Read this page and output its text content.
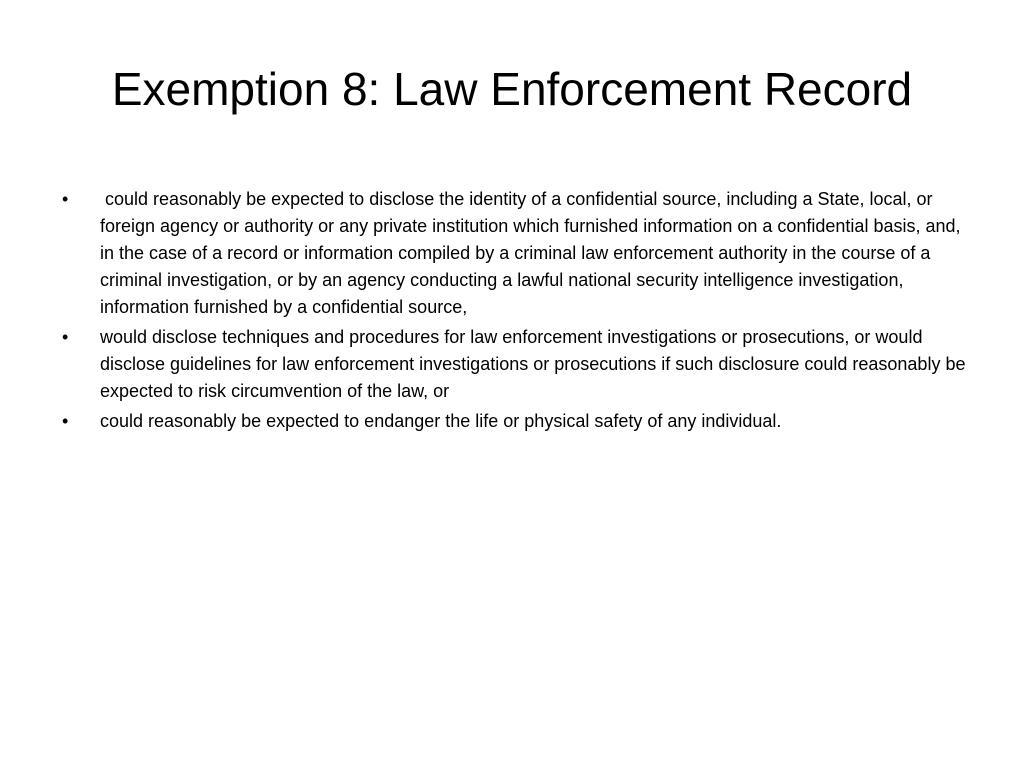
Exemption 8: Law Enforcement Record
•	could reasonably be expected to disclose the identity of a confidential source, including a State, local, or foreign agency or authority or any private institution which furnished information on a confidential basis, and, in the case of a record or information compiled by a criminal law enforcement authority in the course of a criminal investigation, or by an agency conducting a lawful national security intelligence investigation, information furnished by a confidential source,
•	would disclose techniques and procedures for law enforcement investigations or prosecutions, or would disclose guidelines for law enforcement investigations or prosecutions if such disclosure could reasonably be expected to risk circumvention of the law, or
•	could reasonably be expected to endanger the life or physical safety of any individual.
